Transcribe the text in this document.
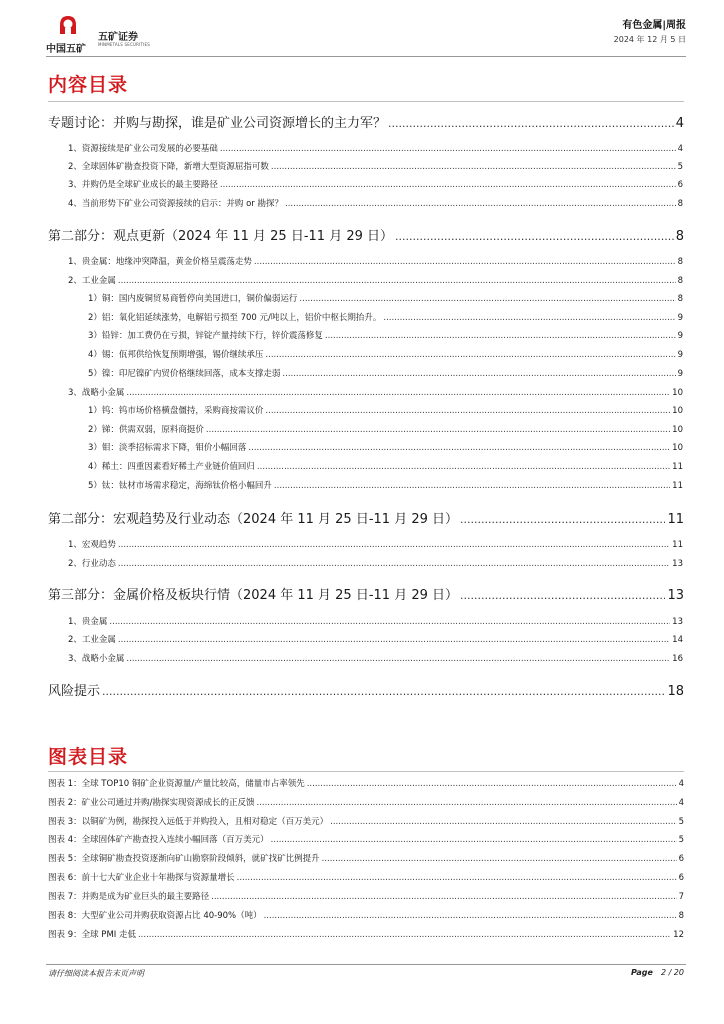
中国五矿
五矿证券
MINMETALS SECURITIES
有色金属|周报
2024 年 12 月 5 日
内容目录
专题讨论：并购与勘探，谁是矿业公司资源增长的主力军？ .....	4
1、资源接续是矿业公司发展的必要基础 .....	4
2、全球固体矿勘查投资下降，新增大型资源屈指可数 .....	5
3、并购仍是全球矿业成长的最主要路径 .....	6
4、当前形势下矿业公司资源接续的启示：并购 or 勘探？ .....	8
第二部分：观点更新（2024 年 11 月 25 日-11 月 29 日） .....	8
1、贵金属：地缘冲突降温，黄金价格呈震荡走势 .....	8
2、工业金属 .....	8
1）铜：国内废铜贸易商暂停向美国进口，铜价偏弱运行 .....	8
2）铝：氧化铝延续涨势，电解铝亏损至 700 元/吨以上，铝价中枢长期抬升。 .....	9
3）铅锌：加工费仍在亏损，锌锭产量持续下行，锌价震荡修复 .....	9
4）锡：佤邦供给恢复预期增强，锡价继续承压 .....	9
5）镍：印尼镍矿内贸价格继续回落，成本支撑走弱 .....	9
3、战略小金属 .....	10
1）钨：钨市场价格横盘僵持，采购商按需议价 .....	10
2）锑：供需双弱，原料商挺价 .....	10
3）钼：淡季招标需求下降，钼价小幅回落 .....	10
4）稀土：四重因素看好稀土产业链价值回归 .....	11
5）钛：钛材市场需求稳定，海绵钛价格小幅回升 .....	11
第二部分：宏观趋势及行业动态（2024 年 11 月 25 日-11 月 29 日） .....	11
1、宏观趋势 .....	11
2、行业动态 .....	13
第三部分：金属价格及板块行情（2024 年 11 月 25 日-11 月 29 日） .....	13
1、贵金属 .....	13
2、工业金属 .....	14
3、战略小金属 .....	16
风险提示 .....	18
图表目录
图表 1：全球 TOP10 铜矿企业资源量/产量比较高，储量市占率领先 .....	4
图表 2：矿业公司通过并购/勘探实现资源成长的正反馈 .....	4
图表 3：以铜矿为例，勘探投入远低于并购投入，且相对稳定（百万美元） .....	5
图表 4：全球固体矿产勘查投入连续小幅回落（百万美元） .....	5
图表 5：全球铜矿勘查投资逐渐向矿山勘察阶段倾斜，就矿找矿比例提升 .....	6
图表 6：前十七大矿业企业十年勘探与资源量增长 .....	6
图表 7：并购是成为矿业巨头的最主要路径 .....	7
图表 8：大型矿业公司并购获取资源占比 40-90%（吨） .....	8
图表 9：全球 PMI 走低 .....	12
请仔细阅读本报告末页声明	Page 2 / 20
